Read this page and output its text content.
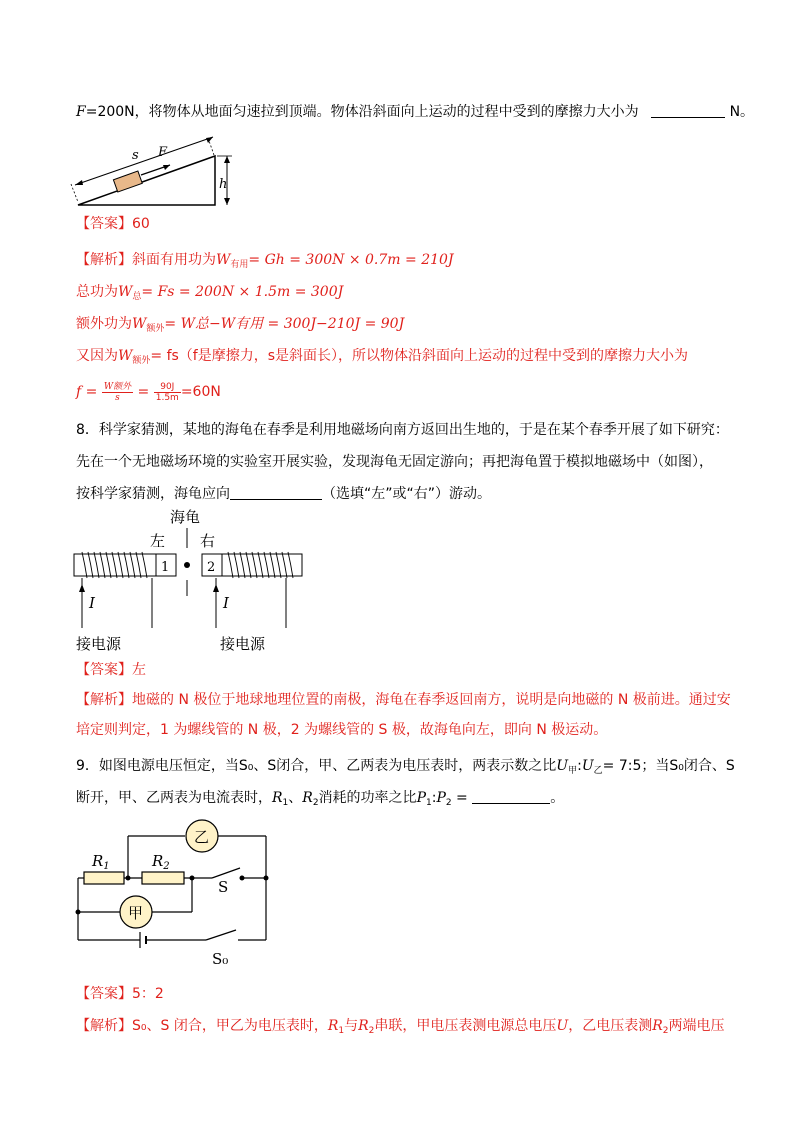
F=200N，将物体从地面匀速拉到顶端。物体沿斜面向上运动的过程中受到的摩擦力大小为	N。
s F
h
【答案】60
【解析】斜面有用功为$W_{有用}= Gh = 300N \times 0.7m = 210J$
总功为$W_总= Fs = 200N \times 1.5m = 300J$
额外功为$W_{额外}= W$总−W有用 = 300J−210J = 90J
又因为$W_{额外}= fs(f$是摩擦力，s是斜面长），所以物体沿斜面向上运动的过程中受到的摩擦力大小为
$f = \frac{\text{W额外}}{s} = \frac{90J}{1.5m} =60N$
8．科学家猜测，某地的海龟在春季是利用地磁场向南方返回出生地的，于是在某个春季开展了如下研究：
先在一个无地磁场环境的实验室开展实验，发现海龟无固定游向；再把海龟置于模拟地磁场中（如图），
按科学家猜测，海龟应向	（选填“左”或“右”）游动。
海龟
左 右
1
I
接电源
2
I
接电源
【答案】左
【解析】地磁的 N 极位于地球地理位置的南极，海龟在春季返回南方，说明是向地磁的 N 极前进。通过安
培定则判定，1 为螺线管的 N 极，2 为螺线管的 S 极，故海龟向左，即向 N 极运动。
9．如图电源电压恒定，当S₀、S闭合，甲、乙两表为电压表时，两表示数之比$U_甲:U_乙=$ 7:5；当S₀闭合、S
断开，甲、乙两表为电流表时，$R_1$、$R_2$消耗的功率之比$P_1:P_2$ =	。
乙
$R_1$	$R_2$
S
甲
S₀
【答案】5：2
【解析】S₀、S 闭合，甲乙为电压表时，$R_1$与$R_2$串联，甲电压表测电源总电压U，乙电压表测$R_2$两端电压
